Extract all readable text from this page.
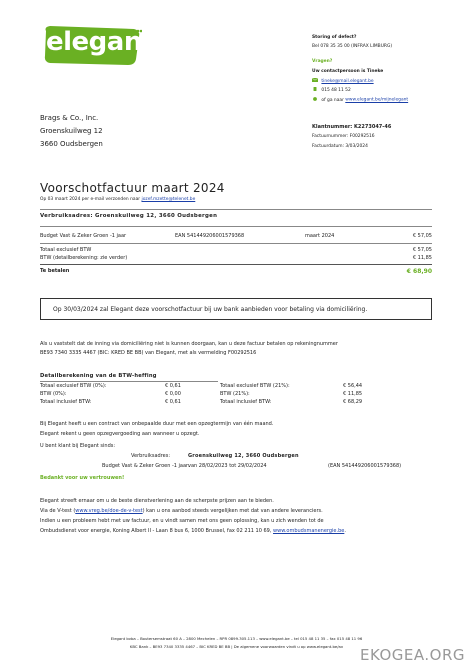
elegant	Storing of defect?
Bel 078 35 35 00 (INFRAX LIMBURG)
Vragen?
Uw contactpersoon is Tineke
tineke@mail.elegant.be
015 48 11 52
of ga naar www.elegant.be/mijnelegant
Brags & Co., Inc.
Groenskuilweg 12
3660 Oudsbergen
Klantnummer: K2273047-46
Factuurnummer: F00292516
Factuurdatum: 3/03/2024
Voorschotfactuur maart 2024
Op 03 maart 2024 per e-mail verzonden naar jozef.mzette@telenet.be
Verbruiksadres: Groenskuilweg 12, 3660 Oudsbergen
Budget Vast & Zeker Groen -1 jaar	EAN 541449206001579368	maart 2024	€ 57,05
Totaal exclusief BTW	€ 57,05
BTW (detailberekening: zie verder)	€ 11,85
Te betalen	€ 68,90
Op 30/03/2024 zal Elegant deze voorschotfactuur bij uw bank aanbieden voor betaling via domiciliëring.
Als u vaststelt dat de inning via domiciliëring niet is kunnen doorgaan, kan u deze factuur betalen op rekeningnummer
BE93 7340 3335 4467 (BIC: KRED BE BB) van Elegant, met als vermelding F00292516
Detailberekening van de BTW-heffing
Totaal exclusief BTW (0%):	€ 0,61
BTW (0%):	€ 0,00
Totaal inclusief BTW:	€ 0,61
Totaal exclusief BTW (21%):	€ 56,44
BTW (21%):	€ 11,85
Totaal inclusief BTW:	€ 68,29
Bij Elegant heeft u een contract van onbepaalde duur met een opzegtermijn van één maand.
Elegant rekent u geen opzegvergoeding aan wanneer u opzegt.
U bent klant bij Elegant sinds:
Verbruiksadres:	Groenskuilweg 12, 3660 Oudsbergen
Budget Vast & Zeker Groen -1 jaar:
van 28/02/2023 tot 29/02/2024	(EAN 541449206001579368)
Bedankt voor uw vertrouwen!
Elegant streeft ernaar om u de beste dienstverlening aan de scherpste prijzen aan te bieden.
Via de V-test (www.vreg.be/doe-de-v-test) kan u ons aanbod steeds vergelijken met dat van andere leveranciers.
Indien u een probleem hebt met uw factuur, en u vindt samen met ons geen oplossing, kan u zich wenden tot de
Ombudsdienst voor energie, Koning Albert II - Laan 8 bus 6, 1000 Brussel, fax 02 211 10 69, www.ombudsmanenergie.be.
Elegant bvba – Boutersemstraat 60 A – 2800 Mechelen – RPR 0899.305.113 – www.elegant.be – tel 015 48 11 35 – fax 015 48 11 96
KBC Bank – BE93 7340 3335 4467 – BIC KRED BE BB | De algemene voorwaarden vindt u op www.elegant.be/av	EKOGEA.ORG
